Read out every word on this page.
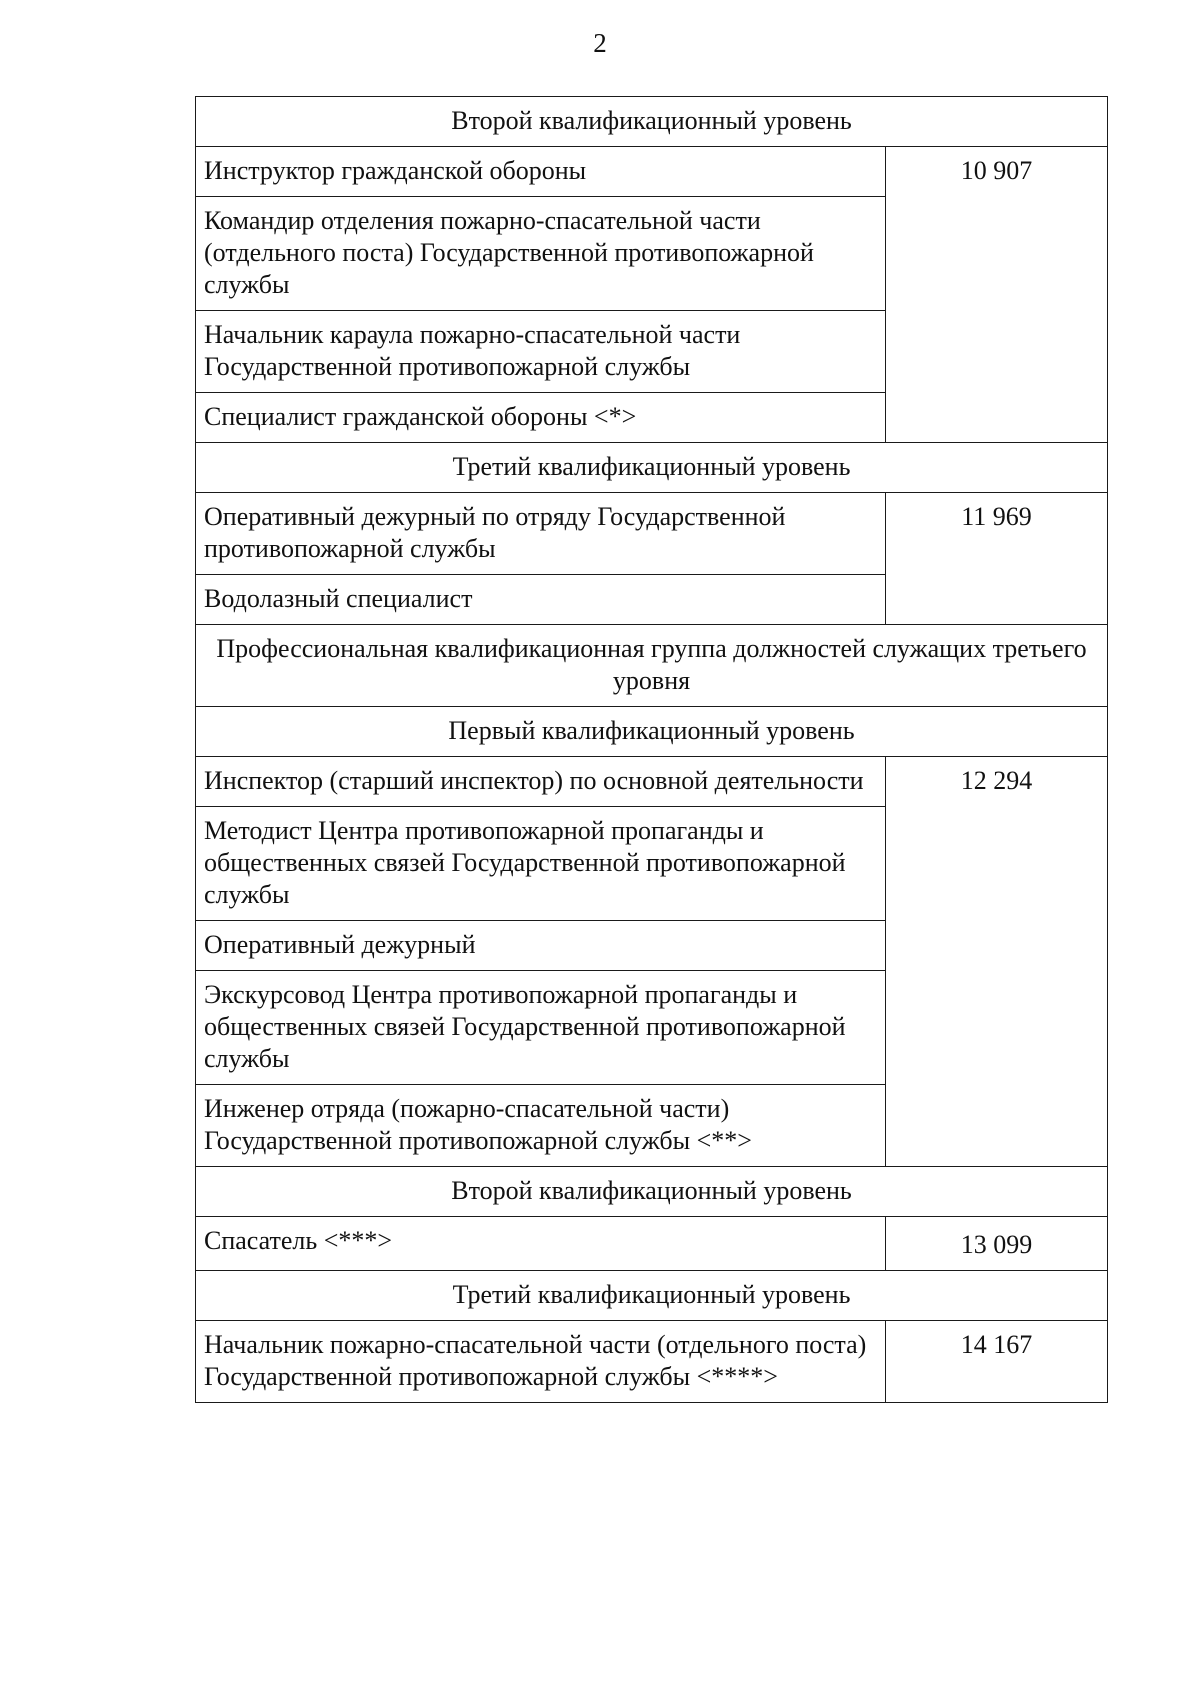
2
Второй квалификационный уровень	
Инструктор гражданской обороны	10 907
Командир отделения пожарно-спасательной части (отдельного поста) Государственной противопожарной службы	
Начальник караула пожарно-спасательной части Государственной противопожарной службы	
Специалист гражданской обороны <*>	
Третий квалификационный уровень	
Оперативный дежурный по отряду Государственной противопожарной службы	11 969
Водолазный специалист	
Профессиональная квалификационная группа должностей служащих третьего уровня	
Первый квалификационный уровень	
Инспектор (старший инспектор) по основной деятельности	12 294
Методист Центра противопожарной пропаганды и общественных связей Государственной противопожарной службы	
Оперативный дежурный	
Экскурсовод Центра противопожарной пропаганды и общественных связей Государственной противопожарной службы	
Инженер отряда (пожарно-спасательной части) Государственной противопожарной службы <**>	
Второй квалификационный уровень	
Спасатель <***>	13 099
Третий квалификационный уровень	
Начальник пожарно-спасательной части (отдельного поста) Государственной противопожарной службы <****>	14 167
